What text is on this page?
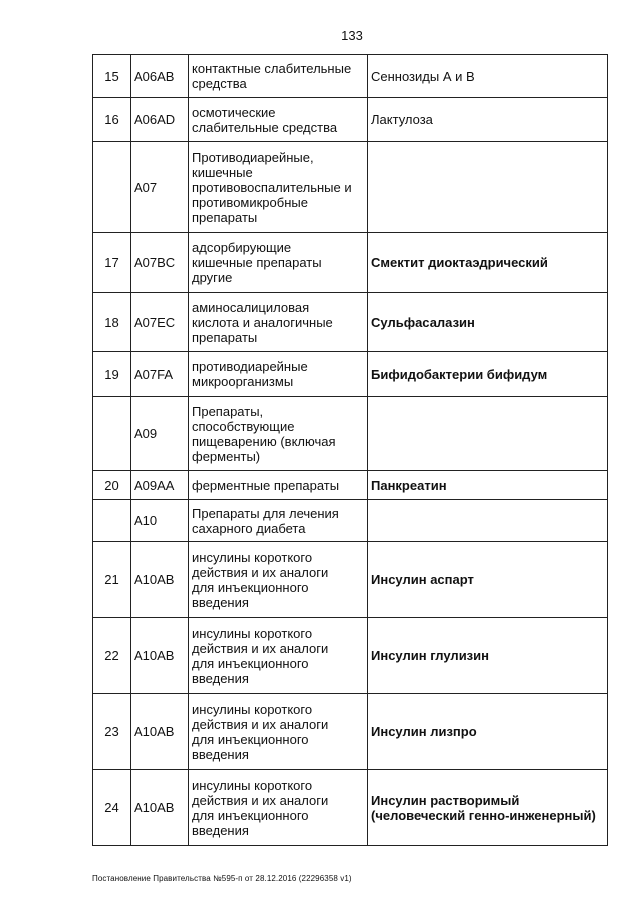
133
15	A06AB	контактные слабительные
средства	Сеннозиды А и В
16	A06AD	осмотические
слабительные средства	Лактулоза
	A07	Противодиарейные,
кишечные
противовоспалительные и
противомикробные
препараты	
17	A07BC	адсорбирующие
кишечные препараты
другие	Смектит диоктаэдрический
18	A07EC	аминосалициловая
кислота и аналогичные
препараты	Сульфасалазин
19	A07FA	противодиарейные
микроорганизмы	Бифидобактерии бифидум
	A09	Препараты,
способствующие
пищеварению (включая
ферменты)	
20	A09AA	ферментные препараты	Панкреатин
	A10	Препараты для лечения
сахарного диабета	
21	A10AB	инсулины короткого
действия и их аналоги
для инъекционного
введения	Инсулин аспарт
22	A10AB	инсулины короткого
действия и их аналоги
для инъекционного
введения	Инсулин глулизин
23	A10AB	инсулины короткого
действия и их аналоги
для инъекционного
введения	Инсулин лизпро
24	A10AB	инсулины короткого
действия и их аналоги
для инъекционного
введения	Инсулин растворимый
(человеческий генно-инженерный)
Постановление Правительства №595-п от 28.12.2016 (22296358 v1)
